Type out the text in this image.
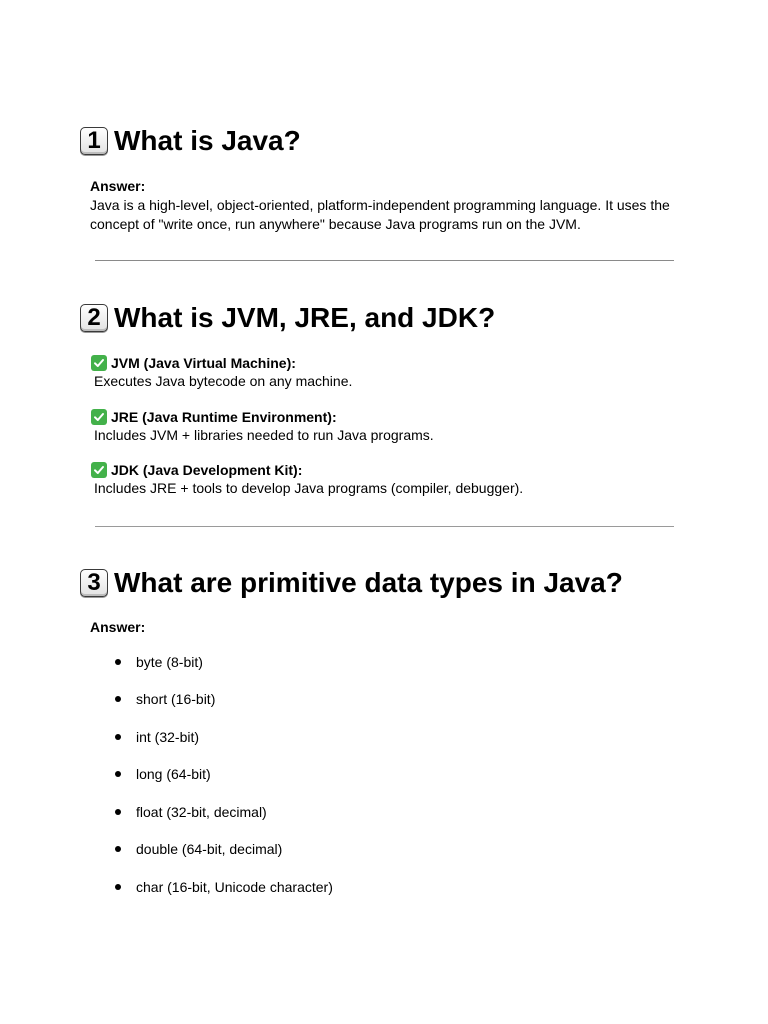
1 What is Java?
Answer:
Java is a high-level, object-oriented, platform-independent programming language. It uses the
concept of "write once, run anywhere" because Java programs run on the JVM.
2 What is JVM, JRE, and JDK?
JVM (Java Virtual Machine):
Executes Java bytecode on any machine.
JRE (Java Runtime Environment):
Includes JVM + libraries needed to run Java programs.
JDK (Java Development Kit):
Includes JRE + tools to develop Java programs (compiler, debugger).
3 What are primitive data types in Java?
Answer:
byte (8-bit)
short (16-bit)
int (32-bit)
long (64-bit)
float (32-bit, decimal)
double (64-bit, decimal)
char (16-bit, Unicode character)
